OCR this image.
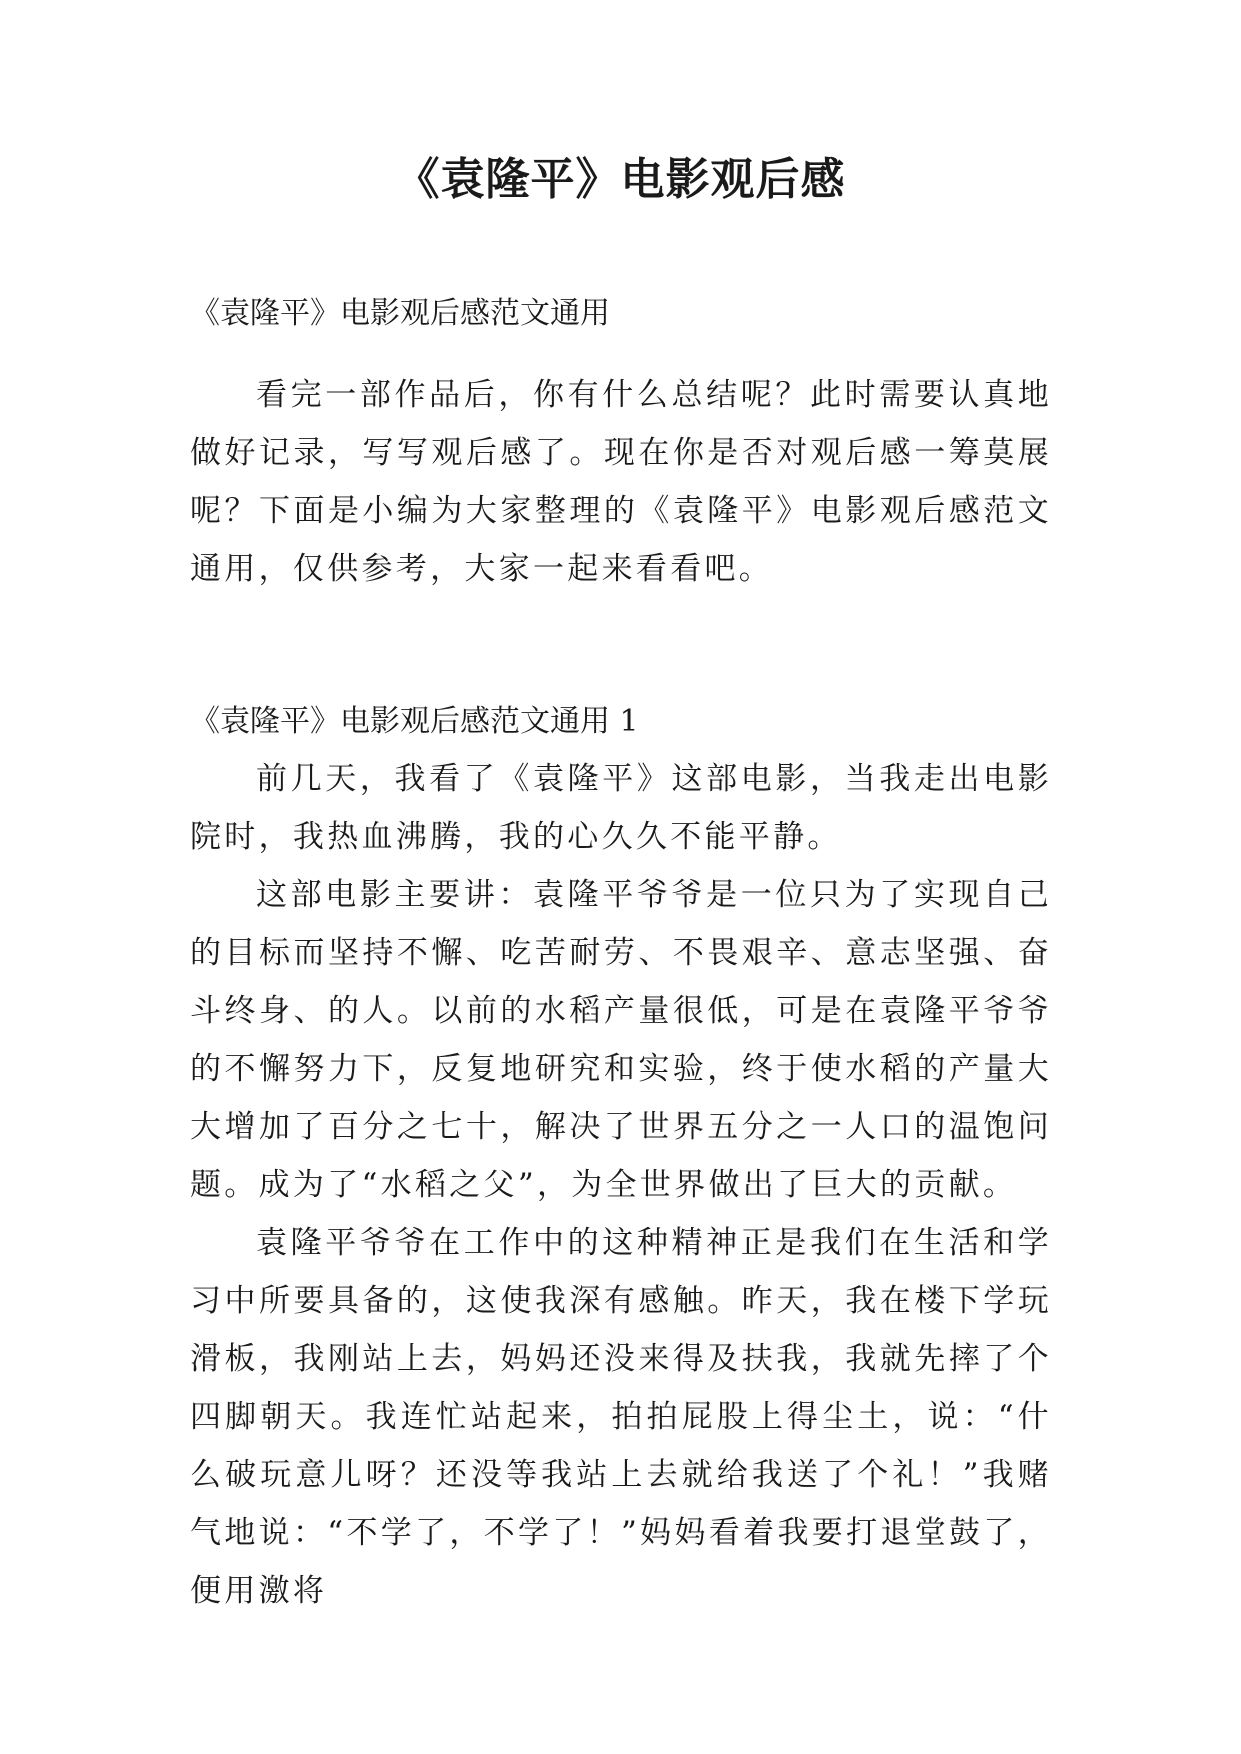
《袁隆平》电影观后感

《袁隆平》电影观后感范文通用

看完一部作品后，你有什么总结呢？此时需要认真地做好记录，写写观后感了。现在你是否对观后感一筹莫展呢？下面是小编为大家整理的《袁隆平》电影观后感范文通用，仅供参考，大家一起来看看吧。

《袁隆平》电影观后感范文通用 1

前几天，我看了《袁隆平》这部电影，当我走出电影院时，我热血沸腾，我的心久久不能平静。

这部电影主要讲：袁隆平爷爷是一位只为了实现自己的目标而坚持不懈、吃苦耐劳、不畏艰辛、意志坚强、奋斗终身、的人。以前的水稻产量很低，可是在袁隆平爷爷的不懈努力下，反复地研究和实验，终于使水稻的产量大大增加了百分之七十，解决了世界五分之一人口的温饱问题。成为了“水稻之父”，为全世界做出了巨大的贡献。

袁隆平爷爷在工作中的这种精神正是我们在生活和学习中所要具备的，这使我深有感触。昨天，我在楼下学玩滑板，我刚站上去，妈妈还没来得及扶我，我就先摔了个四脚朝天。我连忙站起来，拍拍屁股上得尘土，说：“什么破玩意儿呀？还没等我站上去就给我送了个礼！”我赌气地说：“不学了，不学了！”妈妈看着我要打退堂鼓了，便用激将
